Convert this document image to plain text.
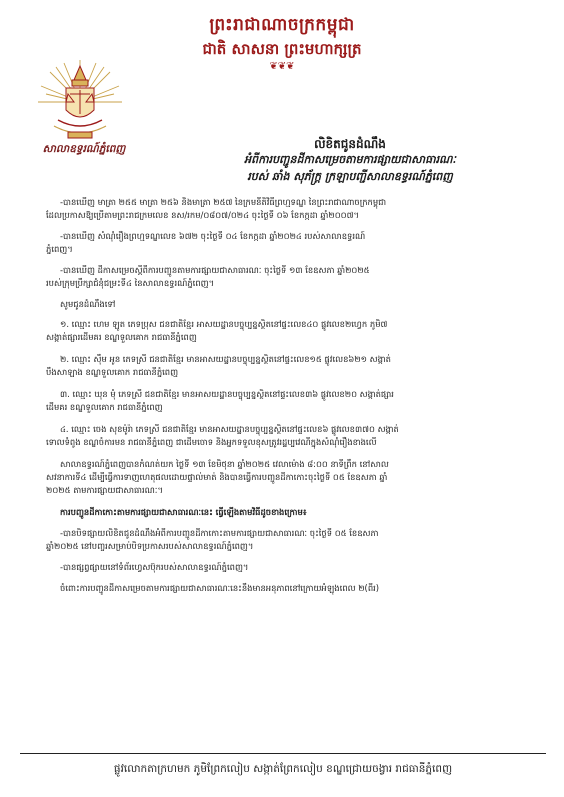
ព្រះរាជាណាចក្រកម្ពុជា
ជាតិ សាសនា ព្រះមហាក្សត្រ
❦❦❦
សាលាឧទ្ធរណ៍ភ្នំពេញ	លិខិតជូនដំណឹង
អំពីការបញ្ជូនដីកាសម្រេចតាមការផ្សាយជាសាធារណៈ
របស់ ឆាំង សុភ័ក្ត្រ ក្រឡាបញ្ជីសាលាឧទ្ធរណ៍ភ្នំពេញ
-បានឃើញ មាត្រា ២៥៥ មាត្រា ២៥៦ និងមាត្រា ២៥៧ នៃក្រមនីតិវិធីព្រហ្មទណ្ឌ នៃព្រះរាជាណាចក្រកម្ពុជា
ដែលប្រកាសឱ្យប្រើតាមព្រះរាជក្រមលេខ នស/រកម/០៨០៧/០២៤ ចុះថ្ងៃទី ០៦ ខែកក្កដា ឆ្នាំ២០០៧។
-បានឃើញ សំណុំរឿងព្រហ្មទណ្ឌលេខ ៦៧២ ចុះថ្ងៃទី ០៤ ខែកក្កដា ឆ្នាំ២០២៤ របស់សាលាឧទ្ធរណ៍
ភ្នំពេញ។
-បានឃើញ ដីកាសម្រេចស្ដីពីការបញ្ជូនតាមការផ្សាយជាសាធារណៈ ចុះថ្ងៃទី ១៣ ខែឧសភា ឆ្នាំ២០២៥
របស់ក្រុមប្រឹក្សាជំនុំជម្រះទី៤ នៃសាលាឧទ្ធរណ៍ភ្នំពេញ។
សូមជូនដំណឹងទៅ
១. ឈ្មោះ ហេម ឡូត ភេទប្រុស ជនជាតិខ្មែរ អាសយដ្ឋានបច្ចុប្បន្នស្ថិតនៅផ្ទះលេខ៤០ ផ្លូវលេខ២ហ្វេក ភូមិ៧
សង្កាត់ផ្សារដើមគរ ខណ្ឌទួលគោក រាជធានីភ្នំពេញ
២. ឈ្មោះ ស៊ឹម អូន ភេទស្រី ជនជាតិខ្មែរ មានអាសយដ្ឋានបច្ចុប្បន្នស្ថិតនៅផ្ទះលេខ១៥ ផ្លូវលេខ៦២១ សង្កាត់
បឹងសាឡាង ខណ្ឌទួលគោក រាជធានីភ្នំពេញ
៣. ឈ្មោះ ឃុន មុំ ភេទស្រី ជនជាតិខ្មែរ មានអាសយដ្ឋានបច្ចុប្បន្នស្ថិតនៅផ្ទះលេខ៣៦ ផ្លូវលេខ២០ សង្កាត់ផ្សារ
ដើមគរ ខណ្ឌទួលគោក រាជធានីភ្នំពេញ
៤. ឈ្មោះ ចេង សុខម៉ូរ៉ា ភេទស្រី ជនជាតិខ្មែរ មានអាសយដ្ឋានបច្ចុប្បន្នស្ថិតនៅផ្ទះលេខ៦ ផ្លូវលេខ៣៧០ សង្កាត់
ទោលទំពូង ខណ្ឌចំការមន រាជធានីភ្នំពេញ ជាដើមចោទ និងអ្នកទទួលខុសត្រូវរដ្ឋប្បវេណីក្នុងសំណុំរឿងខាងលើ
សាលាឧទ្ធរណ៍ភ្នំពេញបានកំណត់យក ថ្ងៃទី ១៣ ខែមិថុនា ឆ្នាំ២០២៥ វេលាម៉ោង ៨:០០ នាទីព្រឹក នៅសាល
សវនាការទី៤ ដើម្បីធ្វើការទាញហេតុផលដោយផ្ទាល់មាត់ និងបានធ្វើការបញ្ជូនដីកាកោះចុះថ្ងៃទី ០៥ ខែឧសភា ឆ្នាំ
២០២៥ តាមការផ្សាយជាសាធារណៈ។
ការបញ្ជូនដីកាកោះតាមការផ្សាយជាសាធារណៈនេះ ធ្វើឡើងតាមវិធីដូចខាងក្រោម៖
-បានបិទផ្សាយលិខិតជូនដំណឹងអំពីការបញ្ជូនដីកាកោះតាមការផ្សាយជាសាធារណៈ ចុះថ្ងៃទី ០៥ ខែឧសភា
ឆ្នាំ២០២៥ នៅបញ្ចរសម្រាប់បិទប្រកាសរបស់សាលាឧទ្ធរណ៍ភ្នំពេញ។
-បានផ្សព្វផ្សាយនៅទំព័រហ្វេសប៊ុករបស់សាលាឧទ្ធរណ៍ភ្នំពេញ។
ចំពោះការបញ្ជូនដីកាសម្រេចតាមការផ្សាយជាសាធារណៈនេះនឹងមានអនុភាពនៅក្រោយអំឡុងពេល ២(ពីរ)
ផ្លូវលោកតាក្រហមក ភូមិព្រែកលៀប សង្កាត់ព្រែកលៀប ខណ្ឌជ្រោយចង្វារ រាជធានីភ្នំពេញ
